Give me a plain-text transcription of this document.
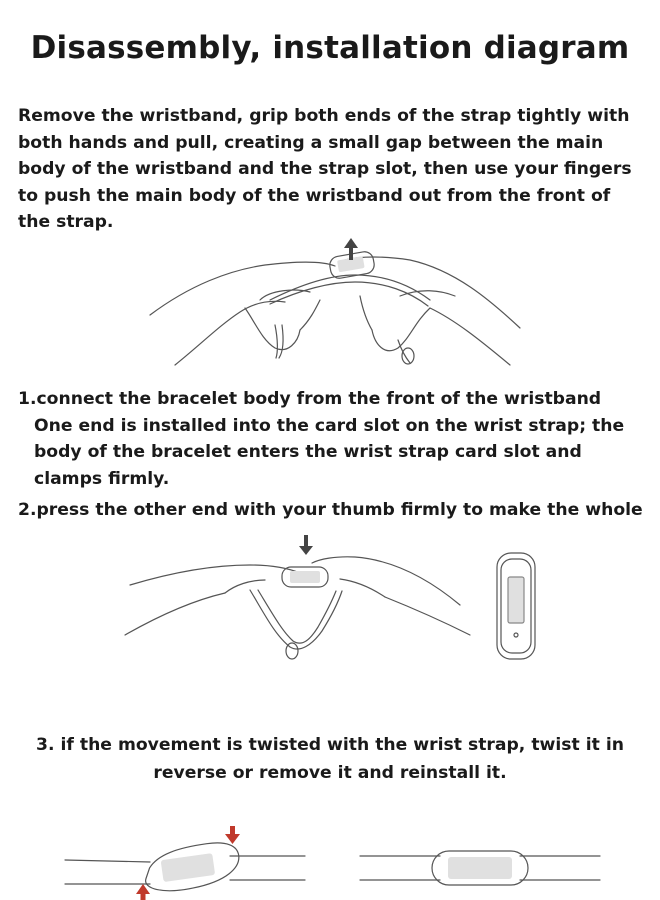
Disassembly, installation diagram
Remove the wristband, grip both ends of the strap tightly with both hands and pull, creating a small gap between the main body of the wristband and the strap slot, then use your fingers to push the main body of the wristband out from the front of the strap.
1.connect the bracelet body from the front of the wristband
One end is installed into the card slot on the wrist strap; the body of the bracelet enters the wrist strap card slot and clamps firmly.
2.press the other end with your thumb firmly to make the whole
3. if the movement is twisted with the wrist strap, twist it in
reverse or remove it and reinstall it.
